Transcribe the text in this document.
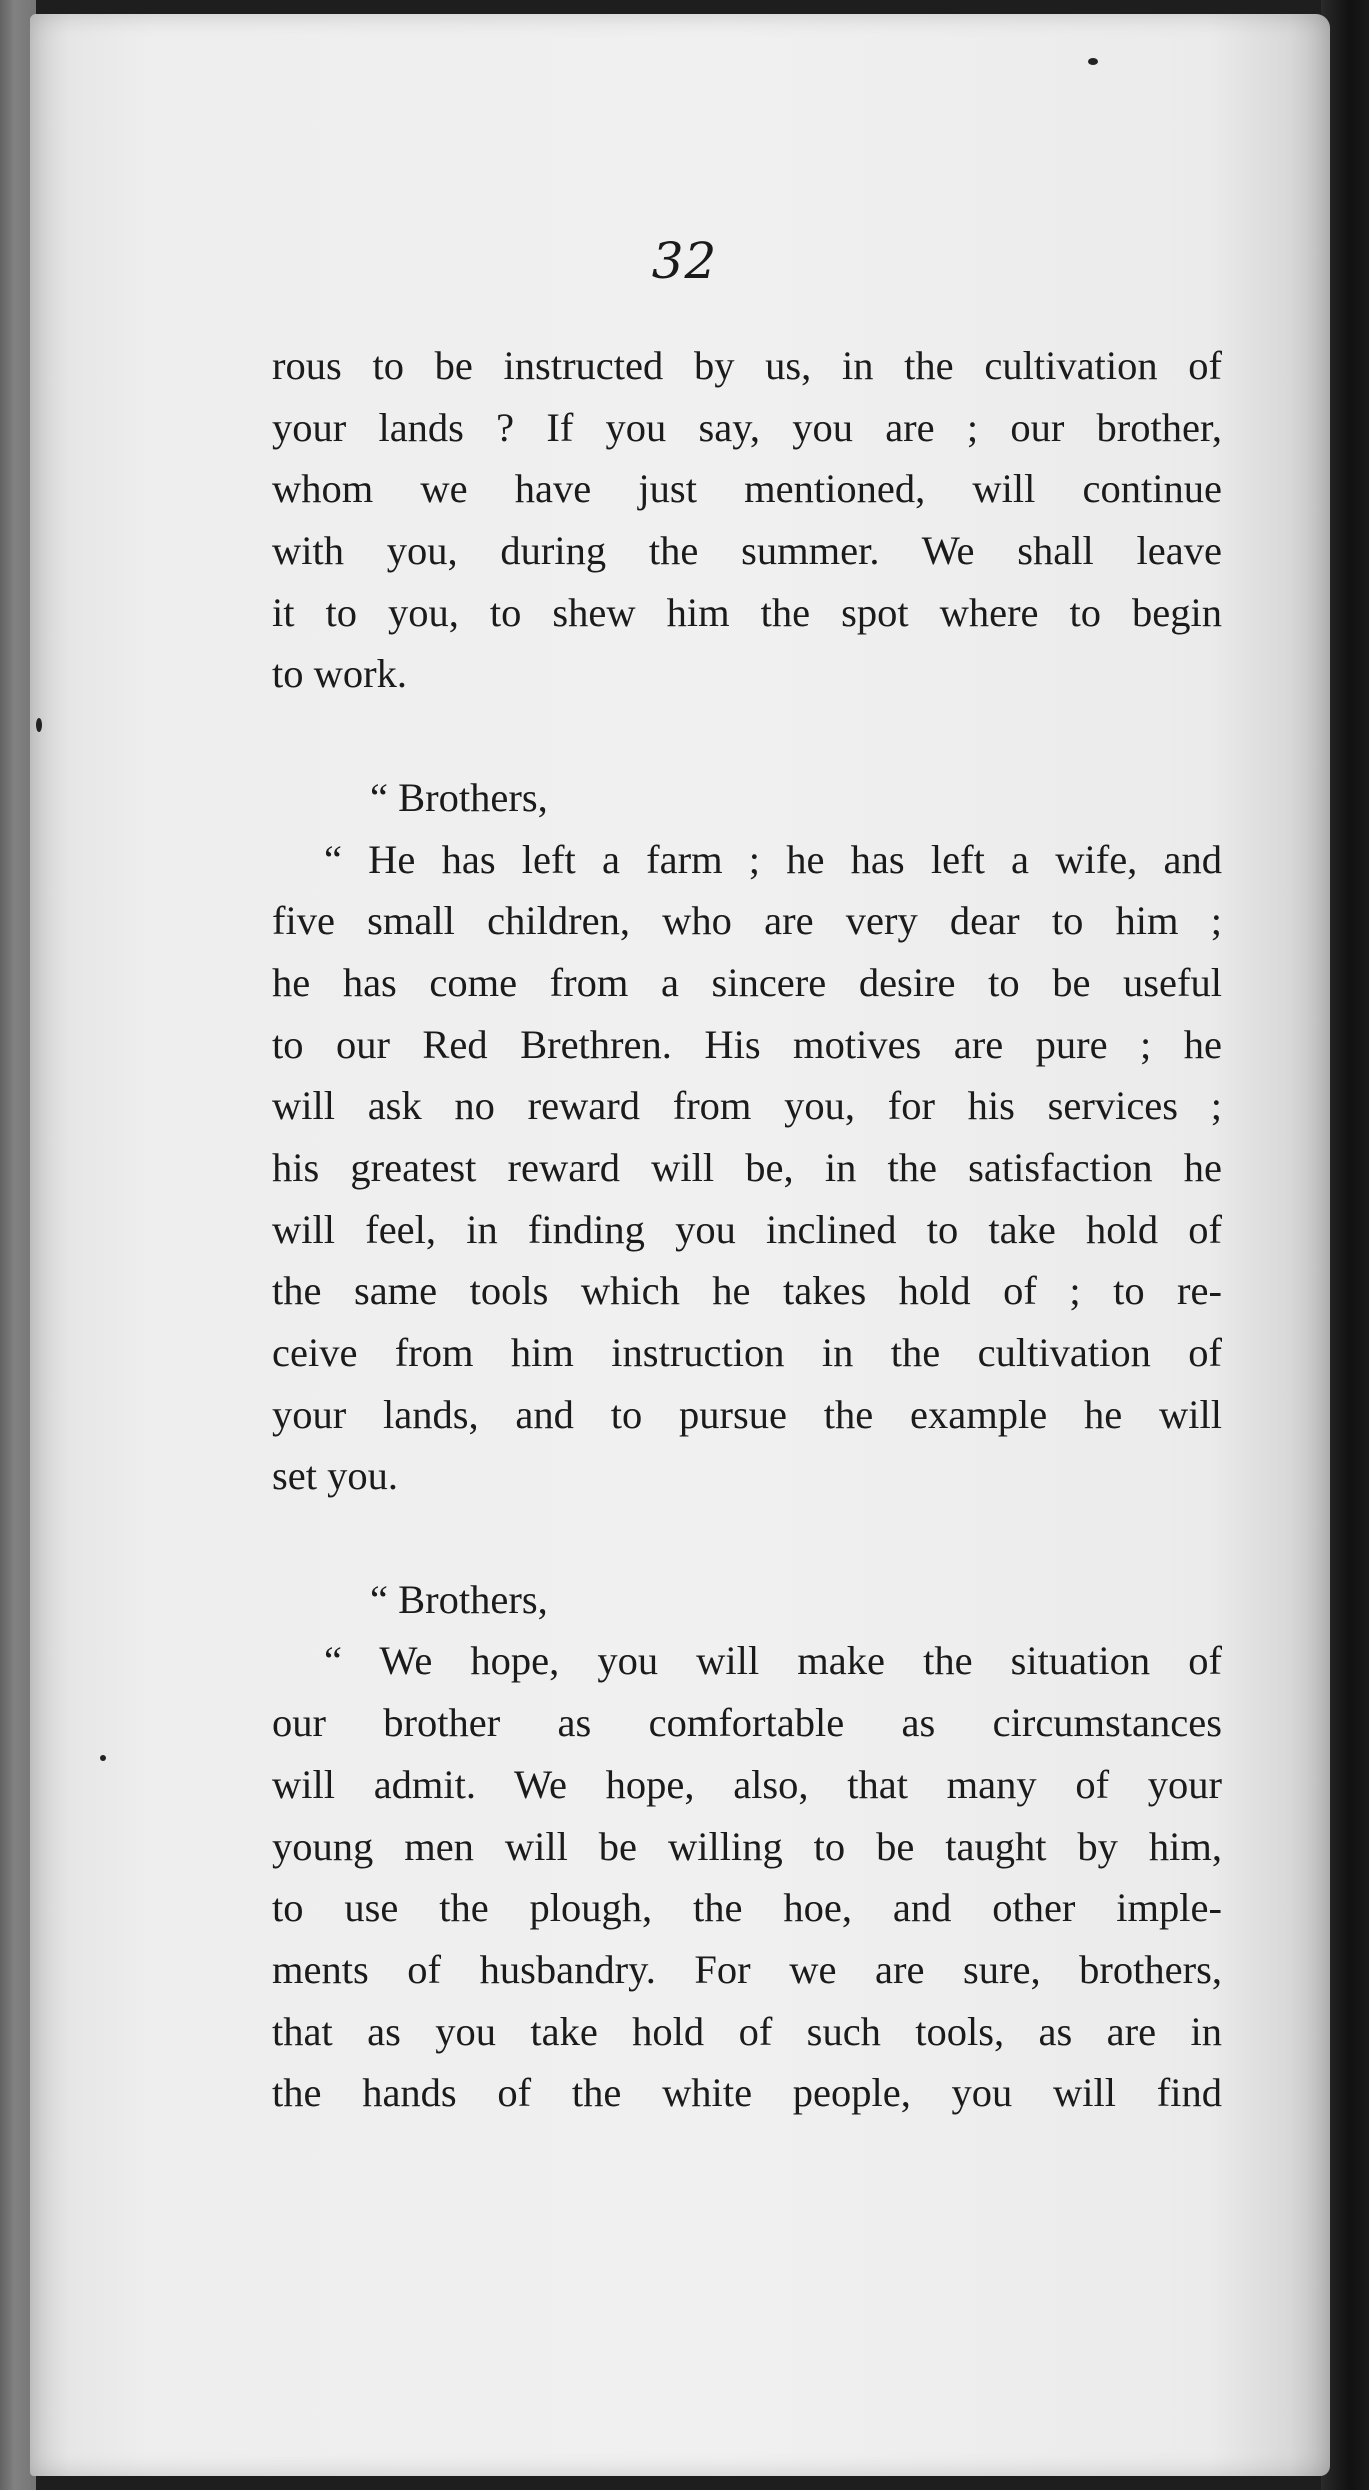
32
rous to be instructed by us, in the cultivation of
your lands ? If you say, you are ; our brother,
whom we have just mentioned, will continue
with you, during the summer. We shall leave
it to you, to shew him the spot where to begin
to work.
“ Brothers,
“ He has left a farm ; he has left a wife, and
five small children, who are very dear to him ;
he has come from a sincere desire to be useful
to our Red Brethren. His motives are pure ; he
will ask no reward from you, for his services ;
his greatest reward will be, in the satisfaction he
will feel, in finding you inclined to take hold of
the same tools which he takes hold of ; to re-
ceive from him instruction in the cultivation of
your lands, and to pursue the example he will
set you.
“ Brothers,
“ We hope, you will make the situation of
our brother as comfortable as circumstances
will admit. We hope, also, that many of your
young men will be willing to be taught by him,
to use the plough, the hoe, and other imple-
ments of husbandry. For we are sure, brothers,
that as you take hold of such tools, as are in
the hands of the white people, you will find
